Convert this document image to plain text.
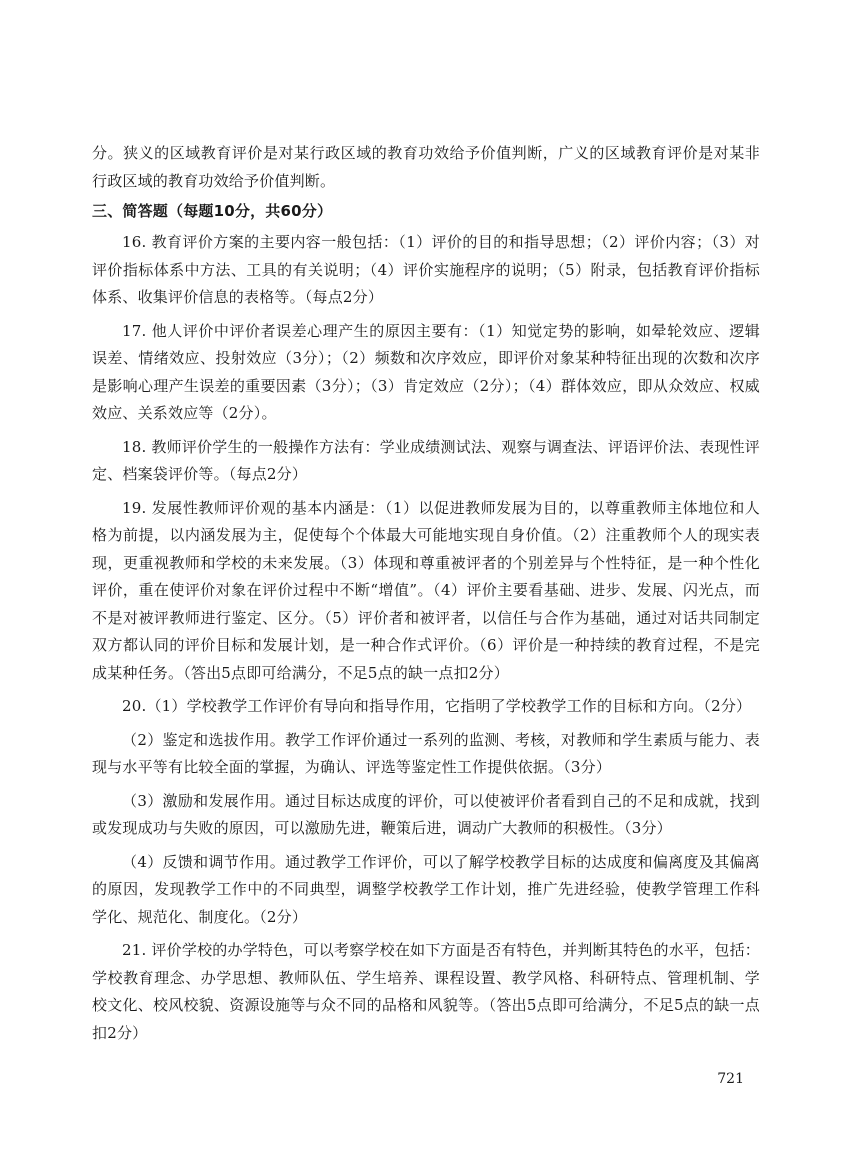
分。狭义的区域教育评价是对某行政区域的教育功效给予价值判断，广义的区域教育评价是对某非行政区域的教育功效给予价值判断。

三、简答题（每题10分，共60分）

16. 教育评价方案的主要内容一般包括：（1）评价的目的和指导思想；（2）评价内容；（3）对评价指标体系中方法、工具的有关说明；（4）评价实施程序的说明；（5）附录，包括教育评价指标体系、收集评价信息的表格等。（每点2分）

17. 他人评价中评价者误差心理产生的原因主要有：（1）知觉定势的影响，如晕轮效应、逻辑误差、情绪效应、投射效应（3分）；（2）频数和次序效应，即评价对象某种特征出现的次数和次序是影响心理产生误差的重要因素（3分）；（3）肯定效应（2分）；（4）群体效应，即从众效应、权威效应、关系效应等（2分）。

18. 教师评价学生的一般操作方法有：学业成绩测试法、观察与调查法、评语评价法、表现性评定、档案袋评价等。（每点2分）

19. 发展性教师评价观的基本内涵是：（1）以促进教师发展为目的，以尊重教师主体地位和人格为前提，以内涵发展为主，促使每个个体最大可能地实现自身价值。（2）注重教师个人的现实表现，更重视教师和学校的未来发展。（3）体现和尊重被评者的个别差异与个性特征，是一种个性化评价，重在使评价对象在评价过程中不断“增值”。（4）评价主要看基础、进步、发展、闪光点，而不是对被评教师进行鉴定、区分。（5）评价者和被评者，以信任与合作为基础，通过对话共同制定双方都认同的评价目标和发展计划，是一种合作式评价。（6）评价是一种持续的教育过程，不是完成某种任务。（答出5点即可给满分，不足5点的缺一点扣2分）

20.（1）学校教学工作评价有导向和指导作用，它指明了学校教学工作的目标和方向。（2分）

（2）鉴定和选拔作用。教学工作评价通过一系列的监测、考核，对教师和学生素质与能力、表现与水平等有比较全面的掌握，为确认、评选等鉴定性工作提供依据。（3分）

（3）激励和发展作用。通过目标达成度的评价，可以使被评价者看到自己的不足和成就，找到或发现成功与失败的原因，可以激励先进，鞭策后进，调动广大教师的积极性。（3分）

（4）反馈和调节作用。通过教学工作评价，可以了解学校教学目标的达成度和偏离度及其偏离的原因，发现教学工作中的不同典型，调整学校教学工作计划，推广先进经验，使教学管理工作科学化、规范化、制度化。（2分）

21. 评价学校的办学特色，可以考察学校在如下方面是否有特色，并判断其特色的水平，包括：学校教育理念、办学思想、教师队伍、学生培养、课程设置、教学风格、科研特点、管理机制、学校文化、校风校貌、资源设施等与众不同的品格和风貌等。（答出5点即可给满分，不足5点的缺一点扣2分）

721
